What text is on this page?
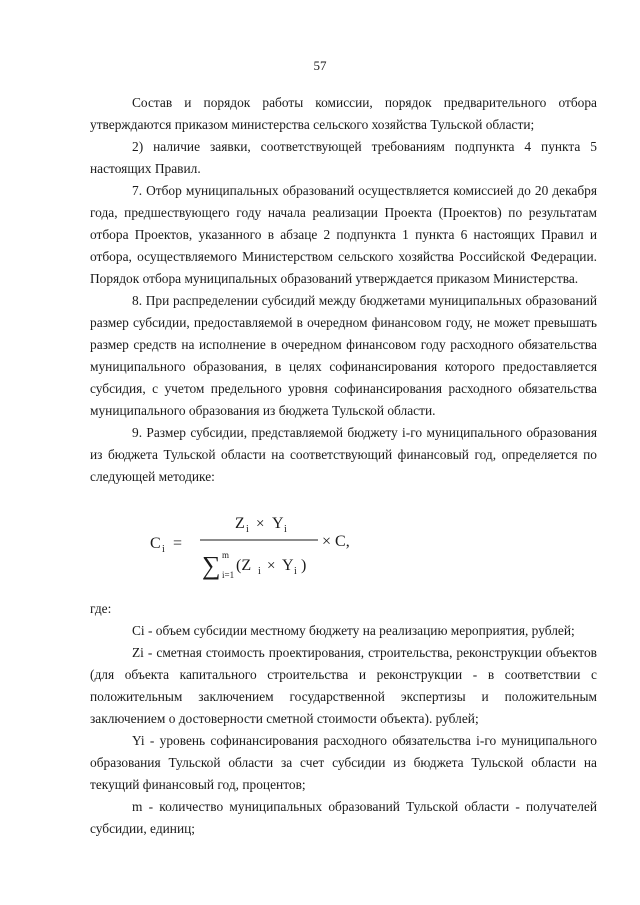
57

Состав и порядок работы комиссии, порядок предварительного отбора утверждаются приказом министерства сельского хозяйства Тульской области;

2) наличие заявки, соответствующей требованиям подпункта 4 пункта 5 настоящих Правил.

7. Отбор муниципальных образований осуществляется комиссией до 20 декабря года, предшествующего году начала реализации Проекта (Проектов) по результатам отбора Проектов, указанного в абзаце 2 подпункта 1 пункта 6 настоящих Правил и отбора, осуществляемого Министерством сельского хозяйства Российской Федерации. Порядок отбора муниципальных образований утверждается приказом Министерства.

8. При распределении субсидий между бюджетами муниципальных образований размер субсидии, предоставляемой в очередном финансовом году, не может превышать размер средств на исполнение в очередном финансовом году расходного обязательства муниципального образования, в целях софинансирования которого предоставляется субсидия, с учетом предельного уровня софинансирования расходного обязательства муниципального образования из бюджета Тульской области.

9. Размер субсидии, представляемой бюджету i-го муниципального образования из бюджета Тульской области на соответствующий финансовый год, определяется по следующей методике:

C i =
Z i × Y i
∑ m
i=1
(Z i × Y i )
× C,

где:

Ci - объем субсидии местному бюджету на реализацию мероприятия, рублей;

Zi - сметная стоимость проектирования, строительства, реконструкции объектов (для объекта капитального строительства и реконструкции - в соответствии с положительным заключением государственной экспертизы и положительным заключением о достоверности сметной стоимости объекта). рублей;

Yi - уровень софинансирования расходного обязательства i-го муниципального образования Тульской области за счет субсидии из бюджета Тульской области на текущий финансовый год, процентов;

m - количество муниципальных образований Тульской области - получателей субсидии, единиц;
